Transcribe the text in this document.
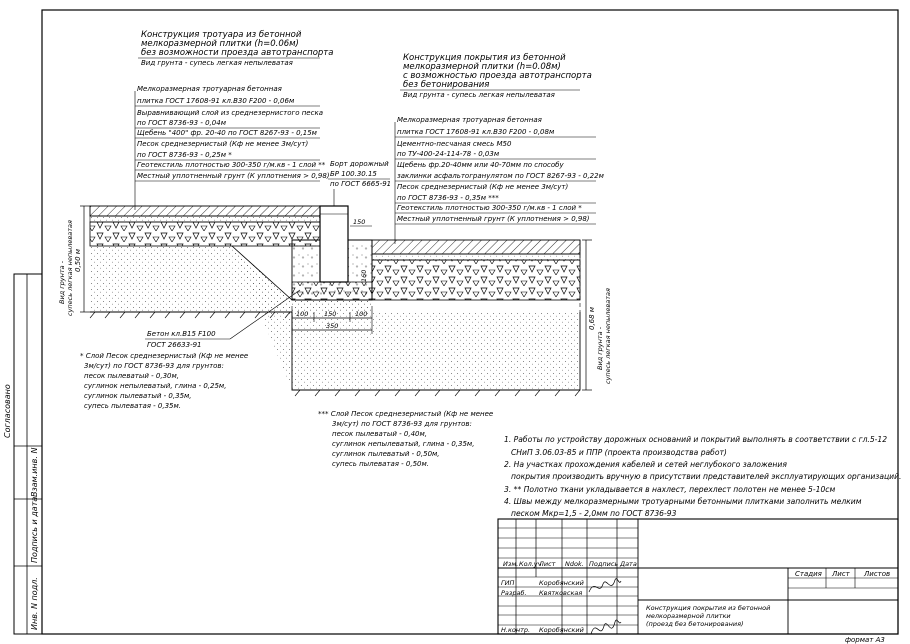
Согласовано
Взам.инв. N
Подпись и дата
Инв. N подл.
0,50 м
Вид грунта - супесь легкая непылеватая
0,68 м
Вид грунта - супесь легкая непылеватая
100 150	100
350
150
160
Конструкция тротуара из бетонной
мелкоразмерной плитки (h=0.06м)
без возможности проезда автотранспорта
Вид грунта - супесь легкая непылеватая
Мелкоразмерная тротуарная бетонная
плитка ГОСТ 17608-91 кл.В30 F200 - 0,06м
Выравнивающий слой из среднезернистого песка
по ГОСТ 8736-93 - 0,04м
Щебень "400" фр. 20-40 по ГОСТ 8267-93 - 0,15м
Песок среднезернистый (Кф не менее 3м/сут)
по ГОСТ 8736-93 - 0,25м *
Геотекстиль плотностью 300-350 г/м.кв - 1 слой **
Местный уплотненный грунт (К уплотнения > 0,98)
Борт дорожный
БР 100.30.15
по ГОСТ 6665-91
Конструкция покрытия из бетонной
мелкоразмерной плитки (h=0.08м)
с возможностью проезда автотранспорта
без бетонирования
Вид грунта - супесь легкая непылеватая
Мелкоразмерная тротуарная бетонная
плитка ГОСТ 17608-91 кл.В30 F200 - 0,08м
Цементно-песчаная смесь М50
по ТУ-400-24-114-78 - 0,03м
Щебень фр.20-40мм или 40-70мм по способу
заклинки асфальтогранулятом по ГОСТ 8267-93 - 0,22м
Песок среднезернистый (Кф не менее 3м/сут)
по ГОСТ 8736-93 - 0,35м ***
Геотекстиль плотностью 300-350 г/м.кв - 1 слой *
Местный уплотненный грунт (К уплотнения > 0,98)
Бетон кл.В15 F100
ГОСТ 26633-91
* Слой Песок среднезернистый (Кф не менее
3м/сут) по ГОСТ 8736-93 для грунтов:
песок пылеватый - 0,30м,
суглинок непылеватый, глина - 0,25м,
суглинок пылеватый - 0,35м,
супесь пылеватая - 0,35м.
*** Слой Песок среднезернистый (Кф не менее
3м/сут) по ГОСТ 8736-93 для грунтов:
песок пылеватый - 0,40м,
суглинок непылеватый, глина - 0,35м,
суглинок пылеватый - 0,50м,
супесь пылеватая - 0,50м.
1. Работы по устройству дорожных оснований и покрытий выполнять в соответствии с гл.5-12
СНиП 3.06.03-85 и ППР (проекта производства работ)
2. На участках прохождения кабелей и сетей неглубокого заложения
покрытия производить вручную в присутствии представителей эксплуатирующих организаций.
3. ** Полотно ткани укладывается в нахлест, перехлест полотен не менее 5-10см
4. Швы между мелкоразмерными тротуарными бетонными плитками заполнить мелким
песком Мкр=1,5 - 2,0мм по ГОСТ 8736-93
Изм. Кол.уч
Лист Ndok. Подпись Дата
ГИП	Коробянский
Разраб. Квятковская
Н.контр. Коробянский
Стадия Лист Листов
Конструкция покрытия из бетонной
мелкоразмерной плитки
(проезд без бетонирования)
формат А3
